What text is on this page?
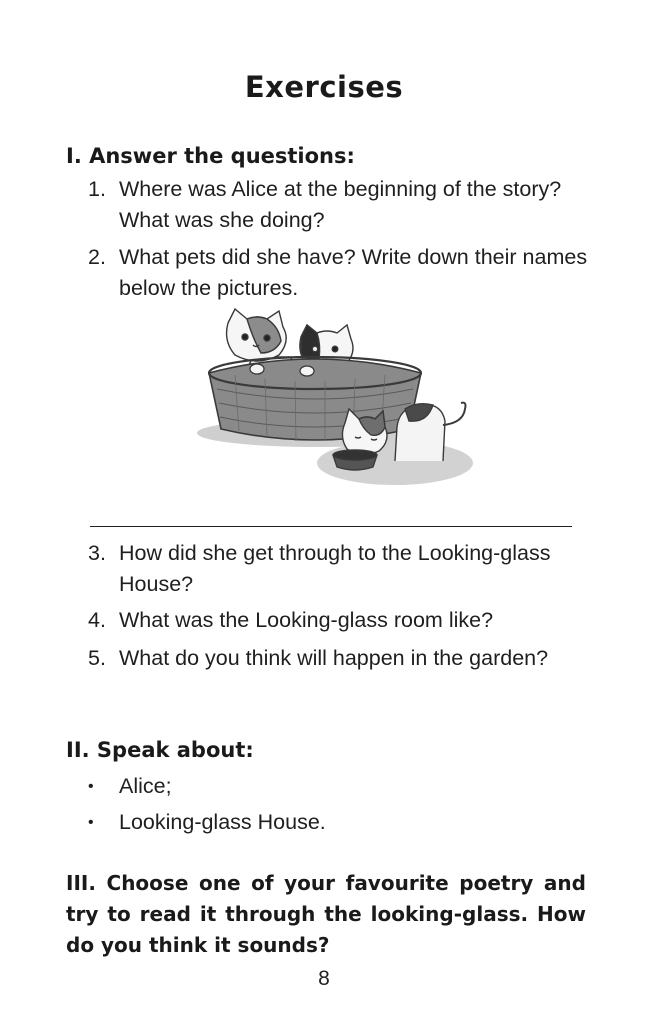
Exercises
I. Answer the questions:
1. Where was Alice at the beginning of the story? What was she doing?
2. What pets did she have? Write down their names below the pictures.
3. How did she get through to the Looking-glass House?
4. What was the Looking-glass room like?
5. What do you think will happen in the garden?
II. Speak about:
• Alice;
• Looking-glass House.
III. Choose one of your favourite poetry and try to read it through the looking-glass. How do you think it sounds?
8
